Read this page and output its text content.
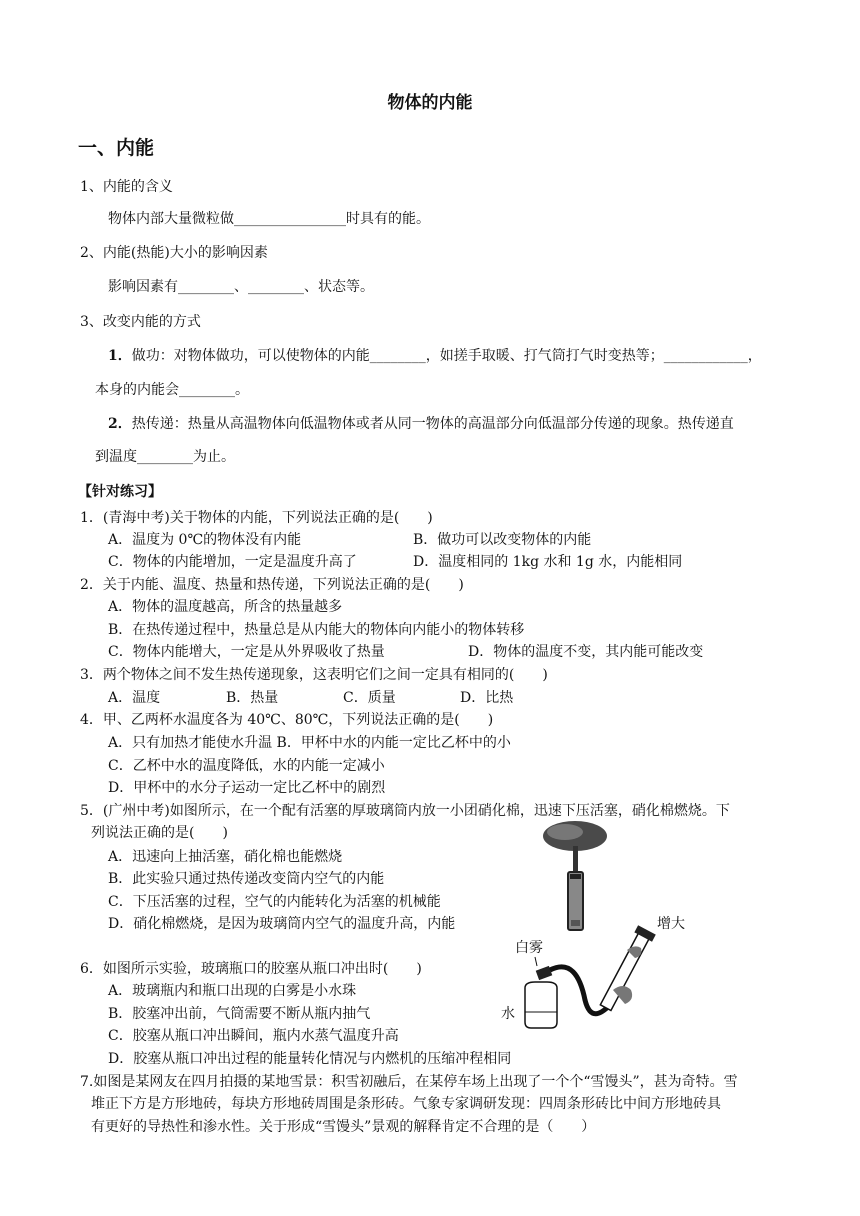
物体的内能
一、内能
1、内能的含义
物体内部大量微粒做________________时具有的能。
2、内能(热能)大小的影响因素
影响因素有________、________、状态等。
3、改变内能的方式
1．做功：对物体做功，可以使物体的内能________，如搓手取暖、打气筒打气时变热等；____________，
本身的内能会________。
2．热传递：热量从高温物体向低温物体或者从同一物体的高温部分向低温部分传递的现象。热传递直
到温度________为止。
【针对练习】
1．(青海中考)关于物体的内能，下列说法正确的是(　　)
A．温度为 0℃的物体没有内能	B．做功可以改变物体的内能
C．物体的内能增加，一定是温度升高了	D．温度相同的 1kg 水和 1g 水，内能相同
2．关于内能、温度、热量和热传递，下列说法正确的是(　　)
A．物体的温度越高，所含的热量越多
B．在热传递过程中，热量总是从内能大的物体向内能小的物体转移
C．物体内能增大，一定是从外界吸收了热量	D．物体的温度不变，其内能可能改变
3．两个物体之间不发生热传递现象，这表明它们之间一定具有相同的(　　)
A．温度	B．热量	C．质量	D．比热
4．甲、乙两杯水温度各为 40℃、80℃，下列说法正确的是(　　)
A．只有加热才能使水升温 B．甲杯中水的内能一定比乙杯中的小
C．乙杯中水的温度降低，水的内能一定减小
D．甲杯中的水分子运动一定比乙杯中的剧烈
5．(广州中考)如图所示，在一个配有活塞的厚玻璃筒内放一小团硝化棉，迅速下压活塞，硝化棉燃烧。下
列说法正确的是(　　)
A．迅速向上抽活塞，硝化棉也能燃烧
B．此实验只通过热传递改变筒内空气的内能
C．下压活塞的过程，空气的内能转化为活塞的机械能
D．硝化棉燃烧，是因为玻璃筒内空气的温度升高，内能	增大
白雾
水
6．如图所示实验，玻璃瓶口的胶塞从瓶口冲出时(　　)
A．玻璃瓶内和瓶口出现的白雾是小水珠
B．胶塞冲出前，气筒需要不断从瓶内抽气
C．胶塞从瓶口冲出瞬间，瓶内水蒸气温度升高
D．胶塞从瓶口冲出过程的能量转化情况与内燃机的压缩冲程相同
7.如图是某网友在四月拍摄的某地雪景：积雪初融后，在某停车场上出现了一个个“雪馒头”，甚为奇特。雪
堆正下方是方形地砖，每块方形地砖周围是条形砖。气象专家调研发现：四周条形砖比中间方形地砖具
有更好的导热性和渗水性。关于形成“雪馒头”景观的解释肯定不合理的是（　　）
